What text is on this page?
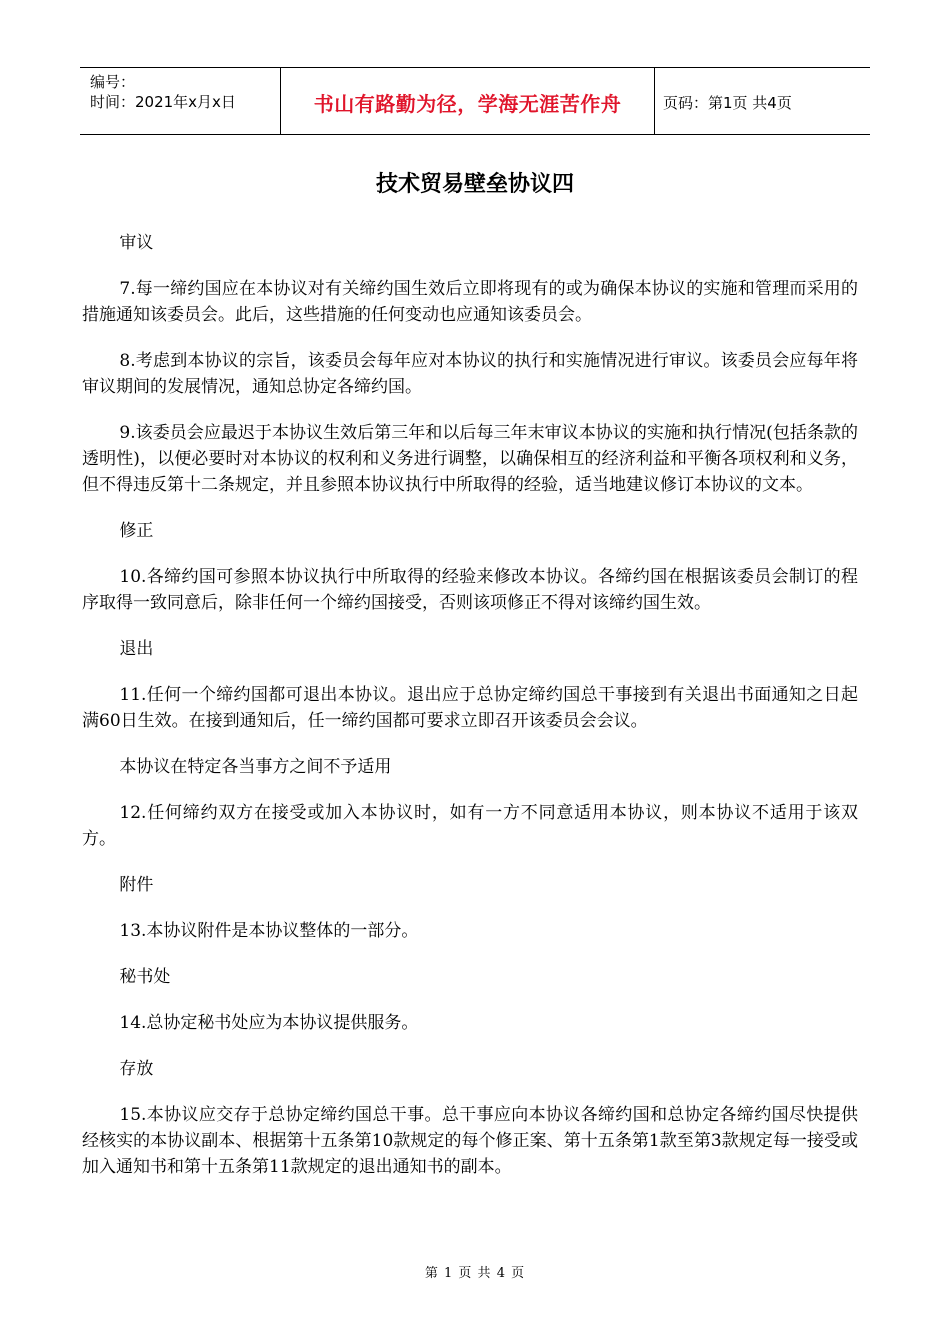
编号：
时间：2021年x月x日	书山有路勤为径，学海无涯苦作舟	页码：第1页 共4页
技术贸易壁垒协议四

审议

7.每一缔约国应在本协议对有关缔约国生效后立即将现有的或为确保本协议的实施和管理而采用的措施通知该委员会。此后，这些措施的任何变动也应通知该委员会。

8.考虑到本协议的宗旨，该委员会每年应对本协议的执行和实施情况进行审议。该委员会应每年将审议期间的发展情况，通知总协定各缔约国。

9.该委员会应最迟于本协议生效后第三年和以后每三年末审议本协议的实施和执行情况(包括条款的透明性)，以便必要时对本协议的权利和义务进行调整，以确保相互的经济利益和平衡各项权利和义务，但不得违反第十二条规定，并且参照本协议执行中所取得的经验，适当地建议修订本协议的文本。

修正

10.各缔约国可参照本协议执行中所取得的经验来修改本协议。各缔约国在根据该委员会制订的程序取得一致同意后，除非任何一个缔约国接受，否则该项修正不得对该缔约国生效。

退出

11.任何一个缔约国都可退出本协议。退出应于总协定缔约国总干事接到有关退出书面通知之日起满60日生效。在接到通知后，任一缔约国都可要求立即召开该委员会会议。

本协议在特定各当事方之间不予适用

12.任何缔约双方在接受或加入本协议时，如有一方不同意适用本协议，则本协议不适用于该双方。

附件

13.本协议附件是本协议整体的一部分。

秘书处

14.总协定秘书处应为本协议提供服务。

存放

15.本协议应交存于总协定缔约国总干事。总干事应向本协议各缔约国和总协定各缔约国尽快提供经核实的本协议副本、根据第十五条第10款规定的每个修正案、第十五条第1款至第3款规定每一接受或加入通知书和第十五条第11款规定的退出通知书的副本。

第 1 页 共 4 页
